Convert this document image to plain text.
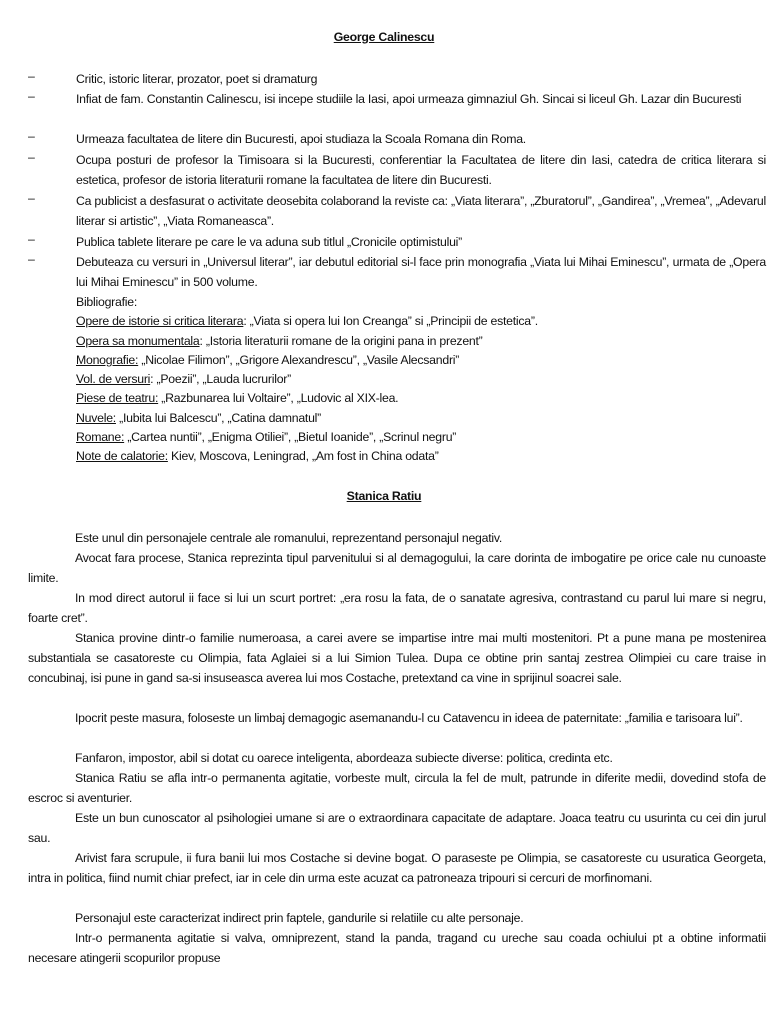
George Calinescu
–	Critic, istoric literar, prozator, poet si dramaturg
–	Infiat de fam. Constantin Calinescu, isi incepe studiile la Iasi, apoi urmeaza gimnaziul Gh. Sincai si liceul Gh. Lazar din Bucuresti
–	Urmeaza facultatea de litere din Bucuresti, apoi studiaza la Scoala Romana din Roma.
–	Ocupa posturi de profesor la Timisoara si la Bucuresti, conferentiar la Facultatea de litere din Iasi, catedra de critica literara si estetica, profesor de istoria literaturii romane la facultatea de litere din Bucuresti.
–	Ca publicist a desfasurat o activitate deosebita colaborand la reviste ca: „Viata literara”, „Zburatorul”, „Gandirea”, „Vremea”, „Adevarul literar si artistic”, „Viata Romaneasca”.
–	Publica tablete literare pe care le va aduna sub titlul „Cronicile optimistului”
–	Debuteaza cu versuri in „Universul literar”, iar debutul editorial si-l face prin monografia „Viata lui Mihai Eminescu”, urmata de „Opera lui Mihai Eminescu” in 500 volume.
Bibliografie:
Opere de istorie si critica literara: „Viata si opera lui Ion Creanga” si „Principii de estetica”.
Opera sa monumentala: „Istoria literaturii romane de la origini pana in prezent”
Monografie: „Nicolae Filimon”, „Grigore Alexandrescu”, „Vasile Alecsandri”
Vol. de versuri: „Poezii”, „Lauda lucrurilor”
Piese de teatru: „Razbunarea lui Voltaire”, „Ludovic al XIX-lea.
Nuvele: „Iubita lui Balcescu”, „Catina damnatul”
Romane: „Cartea nuntii”, „Enigma Otiliei”, „Bietul Ioanide”, „Scrinul negru”
Note de calatorie: Kiev, Moscova, Leningrad, „Am fost in China odata”
Stanica Ratiu
Este unul din personajele centrale ale romanului, reprezentand personajul negativ.
Avocat fara procese, Stanica reprezinta tipul parvenitului si al demagogului, la care dorinta de imbogatire pe orice cale nu cunoaste limite.
In mod direct autorul ii face si lui un scurt portret: „era rosu la fata, de o sanatate agresiva, contrastand cu parul lui mare si negru, foarte cret”.
Stanica provine dintr-o familie numeroasa, a carei avere se impartise intre mai multi mostenitori. Pt a pune mana pe mostenirea substantiala se casatoreste cu Olimpia, fata Aglaiei si a lui Simion Tulea. Dupa ce obtine prin santaj zestrea Olimpiei cu care traise in concubinaj, isi pune in gand sa-si insuseasca averea lui mos Costache, pretextand ca vine in sprijinul soacrei sale.
Ipocrit peste masura, foloseste un limbaj demagogic asemanandu-l cu Catavencu in ideea de paternitate: „familia e tarisoara lui”.
Fanfaron, impostor, abil si dotat cu oarece inteligenta, abordeaza subiecte diverse: politica, credinta etc.
Stanica Ratiu se afla intr-o permanenta agitatie, vorbeste mult, circula la fel de mult, patrunde in diferite medii, dovedind stofa de escroc si aventurier.
Este un bun cunoscator al psihologiei umane si are o extraordinara capacitate de adaptare. Joaca teatru cu usurinta cu cei din jurul sau.
Arivist fara scrupule, ii fura banii lui mos Costache si devine bogat. O paraseste pe Olimpia, se casatoreste cu usuratica Georgeta, intra in politica, fiind numit chiar prefect, iar in cele din urma este acuzat ca patroneaza tripouri si cercuri de morfinomani.
Personajul este caracterizat indirect prin faptele, gandurile si relatiile cu alte personaje.
Intr-o permanenta agitatie si valva, omniprezent, stand la panda, tragand cu ureche sau coada ochiului pt a obtine informatii necesare atingerii scopurilor propuse
